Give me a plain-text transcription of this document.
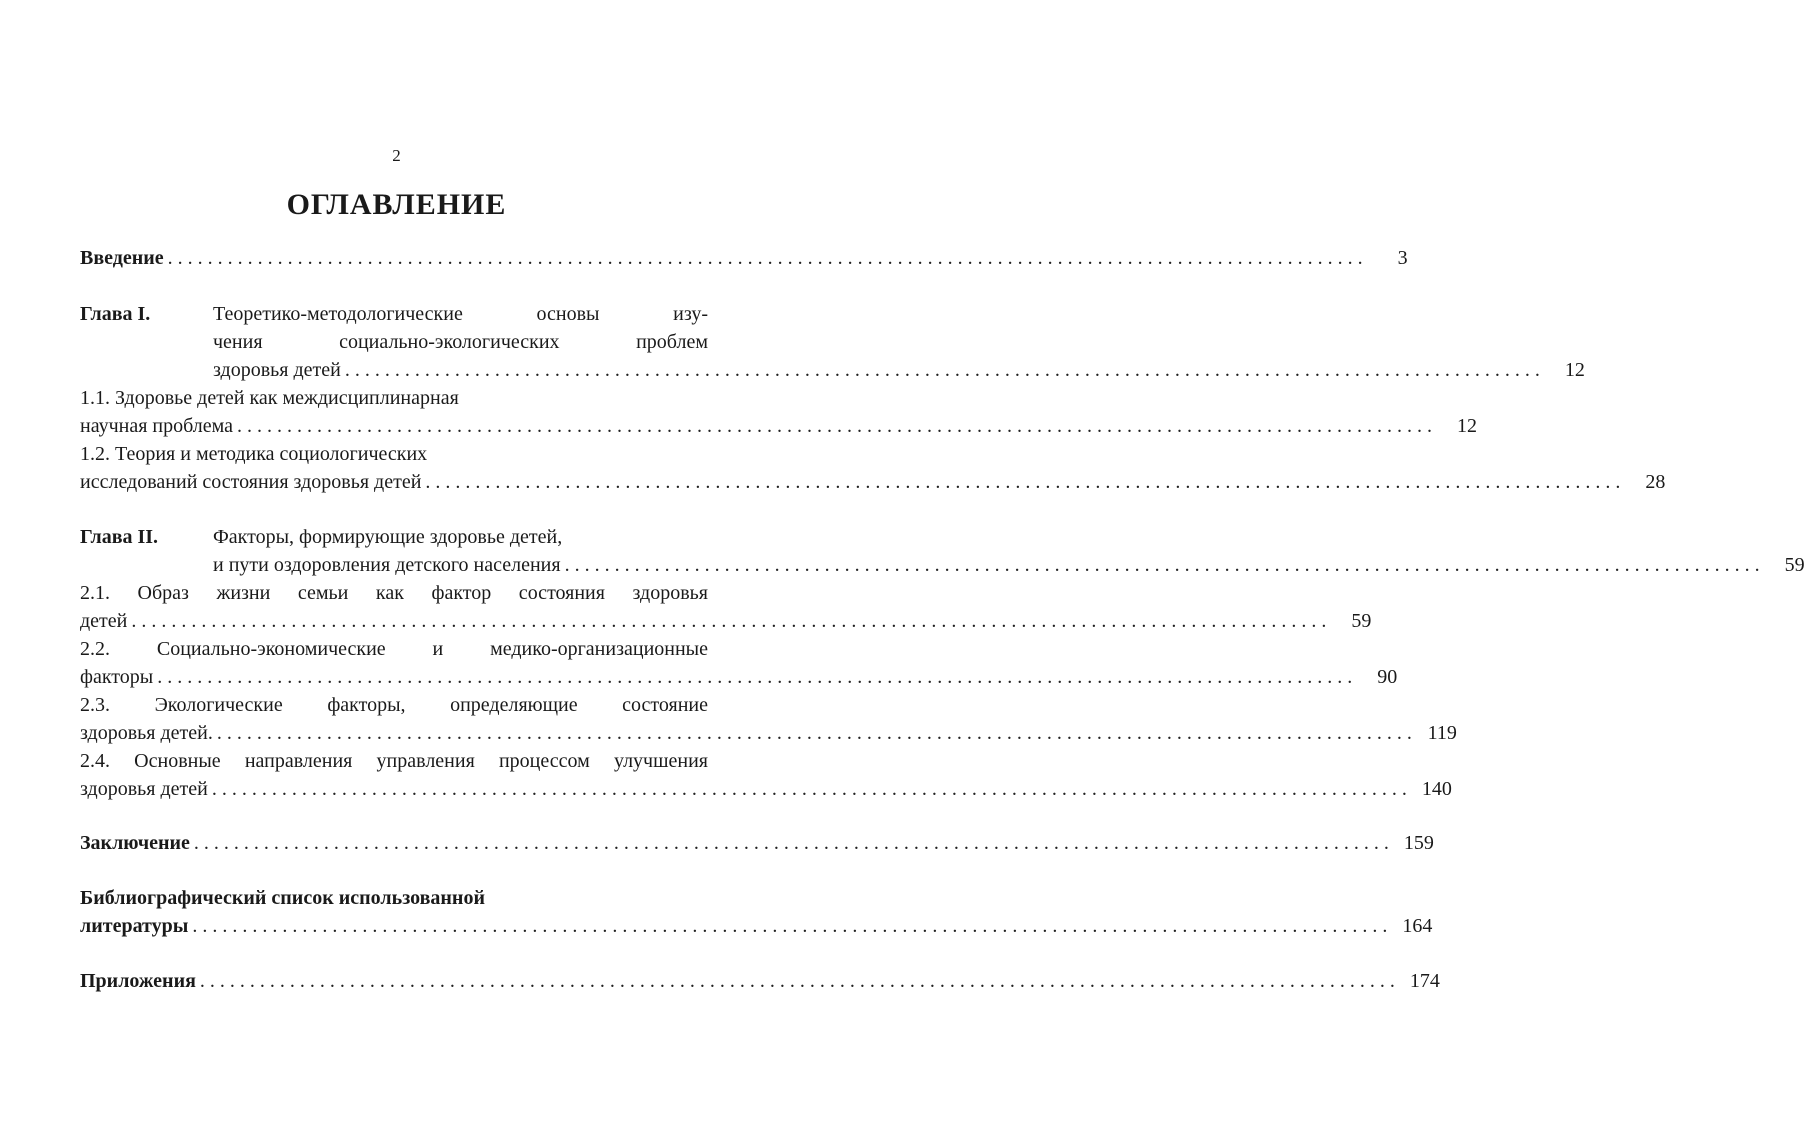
2
ОГЛАВЛЕНИЕ
Введение ........................................................................................................................	3
Глава I.	Теоретико-методологические основы изу-
чения социально-экологических проблем
здоровья детей ........................................................................................................................	12
1.1. Здоровье детей как междисциплинарная
научная проблема ........................................................................................................................	12
1.2. Теория и методика социологических
исследований состояния здоровья детей ........................................................................................................................	28
Глава II.	Факторы, формирующие здоровье детей,
и пути оздоровления детского населения ........................................................................................................................	59
2.1. Образ жизни семьи как фактор состояния здоровья
детей ........................................................................................................................	59
2.2. Социально-экономические и медико-организационные
факторы ........................................................................................................................	90
2.3. Экологические факторы, определяющие состояние
здоровья детей. ........................................................................................................................ 119
2.4. Основные направления управления процессом улучшения
здоровья детей ........................................................................................................................ 140
Заключение ........................................................................................................................ 159
Библиографический список использованной
литературы ........................................................................................................................ 164
Приложения ........................................................................................................................ 174
